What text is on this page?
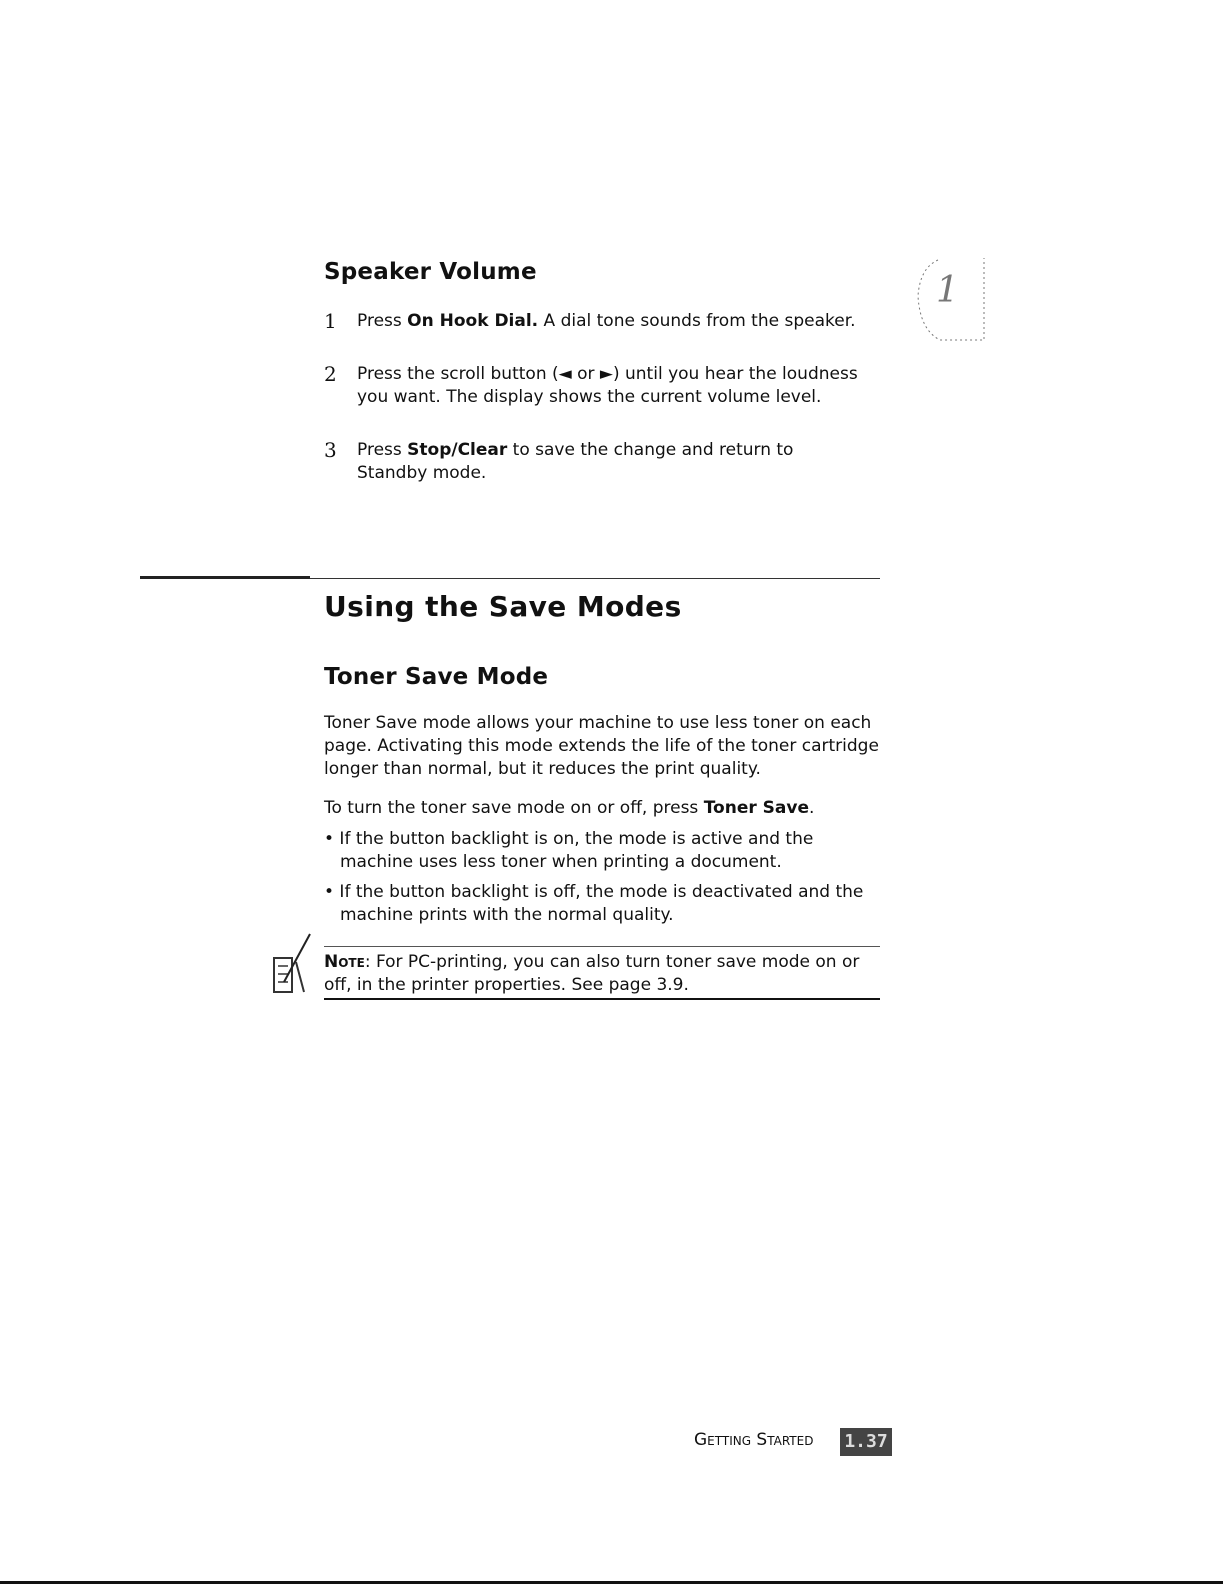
Speaker Volume
1 Press On Hook Dial. A dial tone sounds from the speaker.
2 Press the scroll button (◄ or ►) until you hear the loudness
you want. The display shows the current volume level.
3 Press Stop/Clear to save the change and return to
Standby mode.
1
Using the Save Modes
Toner Save Mode
Toner Save mode allows your machine to use less toner on each
page. Activating this mode extends the life of the toner cartridge
longer than normal, but it reduces the print quality.
To turn the toner save mode on or off, press Toner Save.
• If the button backlight is on, the mode is active and the
machine uses less toner when printing a document.
• If the button backlight is off, the mode is deactivated and the
machine prints with the normal quality.
Note: For PC-printing, you can also turn toner save mode on or
off, in the printer properties. See page 3.9.
Getting Started 1.37
